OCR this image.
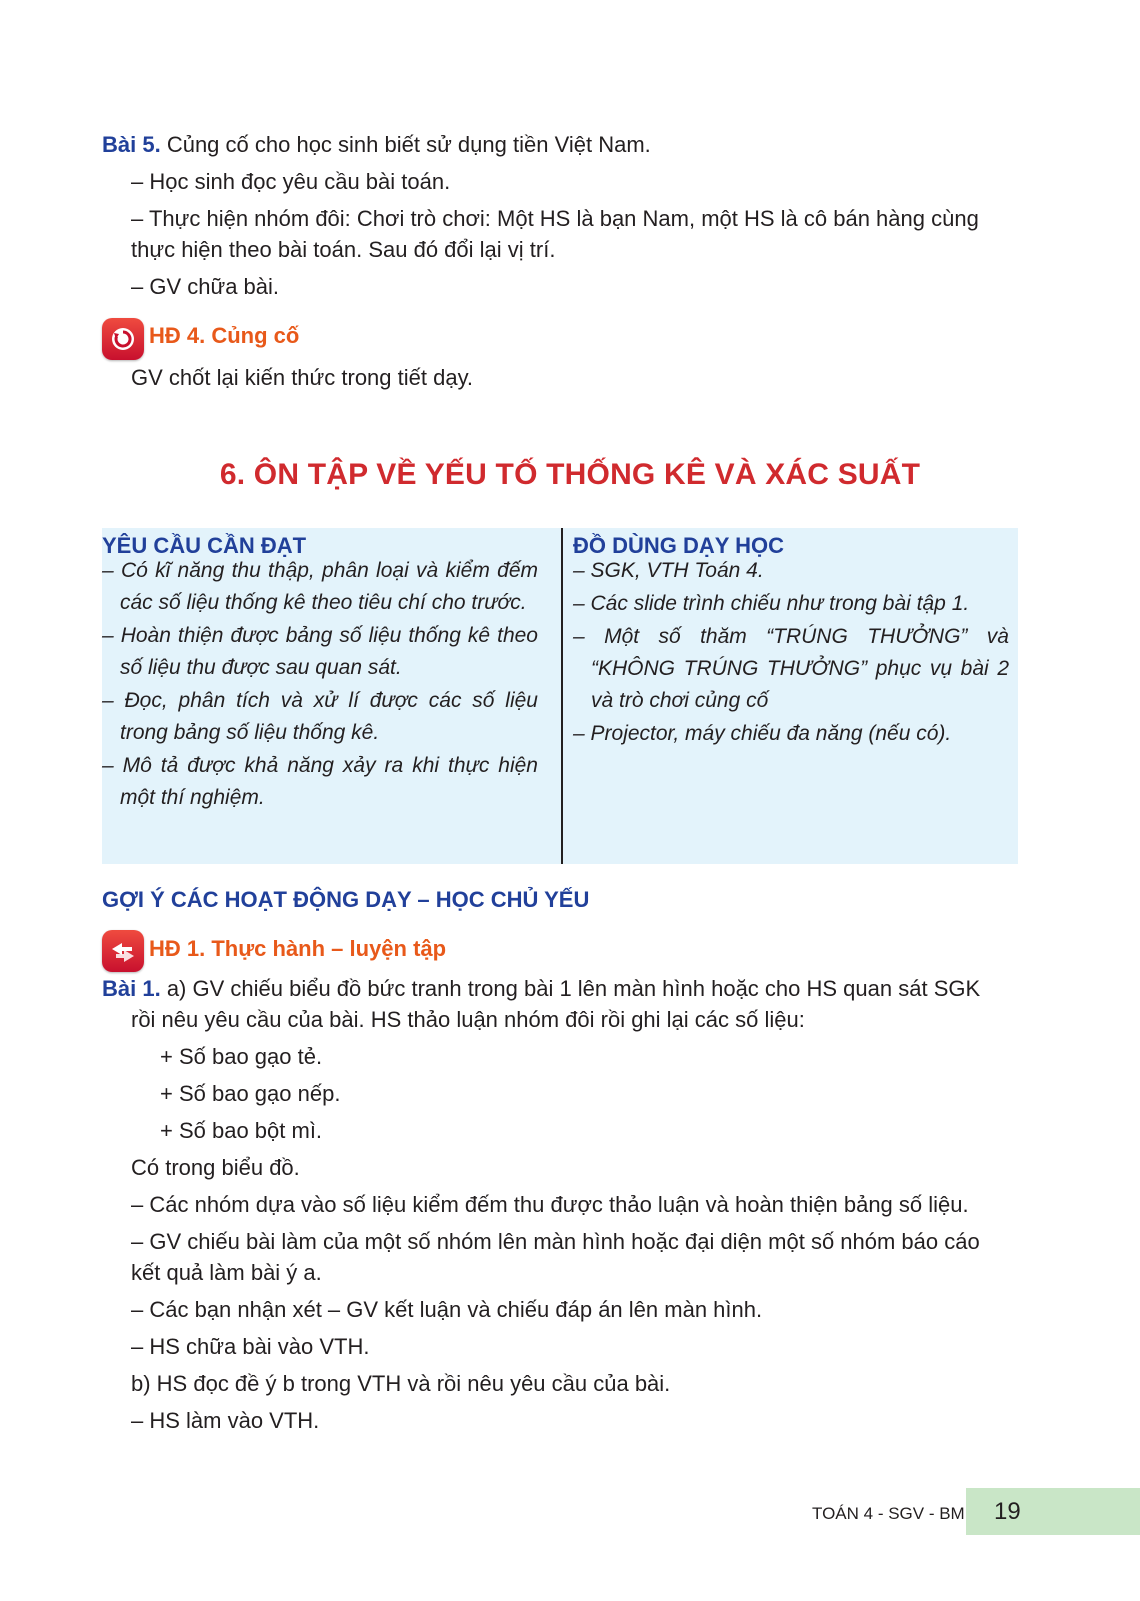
Bài 5. Củng cố cho học sinh biết sử dụng tiền Việt Nam.
– Học sinh đọc yêu cầu bài toán.
– Thực hiện nhóm đôi: Chơi trò chơi: Một HS là bạn Nam, một HS là cô bán hàng cùng
thực hiện theo bài toán. Sau đó đổi lại vị trí.
– GV chữa bài.
HĐ 4. Củng cố
GV chốt lại kiến thức trong tiết dạy.
6. ÔN TẬP VỀ YẾU TỐ THỐNG KÊ VÀ XÁC SUẤT
YÊU CẦU CẦN ĐẠT
– Có kĩ năng thu thập, phân loại và kiểm đếm các số liệu thống kê theo tiêu chí cho trước.
– Hoàn thiện được bảng số liệu thống kê theo số liệu thu được sau quan sát.
– Đọc, phân tích và xử lí được các số liệu trong bảng số liệu thống kê.
– Mô tả được khả năng xảy ra khi thực hiện một thí nghiệm.
ĐỒ DÙNG DẠY HỌC
– SGK, VTH Toán 4.
– Các slide trình chiếu như trong bài tập 1.
– Một số thăm “TRÚNG THƯỞNG” và “KHÔNG TRÚNG THƯỞNG” phục vụ bài 2 và trò chơi củng cố
– Projector, máy chiếu đa năng (nếu có).
GỢI Ý CÁC HOẠT ĐỘNG DẠY – HỌC CHỦ YẾU
HĐ 1. Thực hành – luyện tập
Bài 1. a) GV chiếu biểu đồ bức tranh trong bài 1 lên màn hình hoặc cho HS quan sát SGK
rồi nêu yêu cầu của bài. HS thảo luận nhóm đôi rồi ghi lại các số liệu:
+ Số bao gạo tẻ.
+ Số bao gạo nếp.
+ Số bao bột mì.
Có trong biểu đồ.
– Các nhóm dựa vào số liệu kiểm đếm thu được thảo luận và hoàn thiện bảng số liệu.
– GV chiếu bài làm của một số nhóm lên màn hình hoặc đại diện một số nhóm báo cáo
kết quả làm bài ý a.
– Các bạn nhận xét – GV kết luận và chiếu đáp án lên màn hình.
– HS chữa bài vào VTH.
b) HS đọc đề ý b trong VTH và rồi nêu yêu cầu của bài.
– HS làm vào VTH.
TOÁN 4 - SGV - BM 19
